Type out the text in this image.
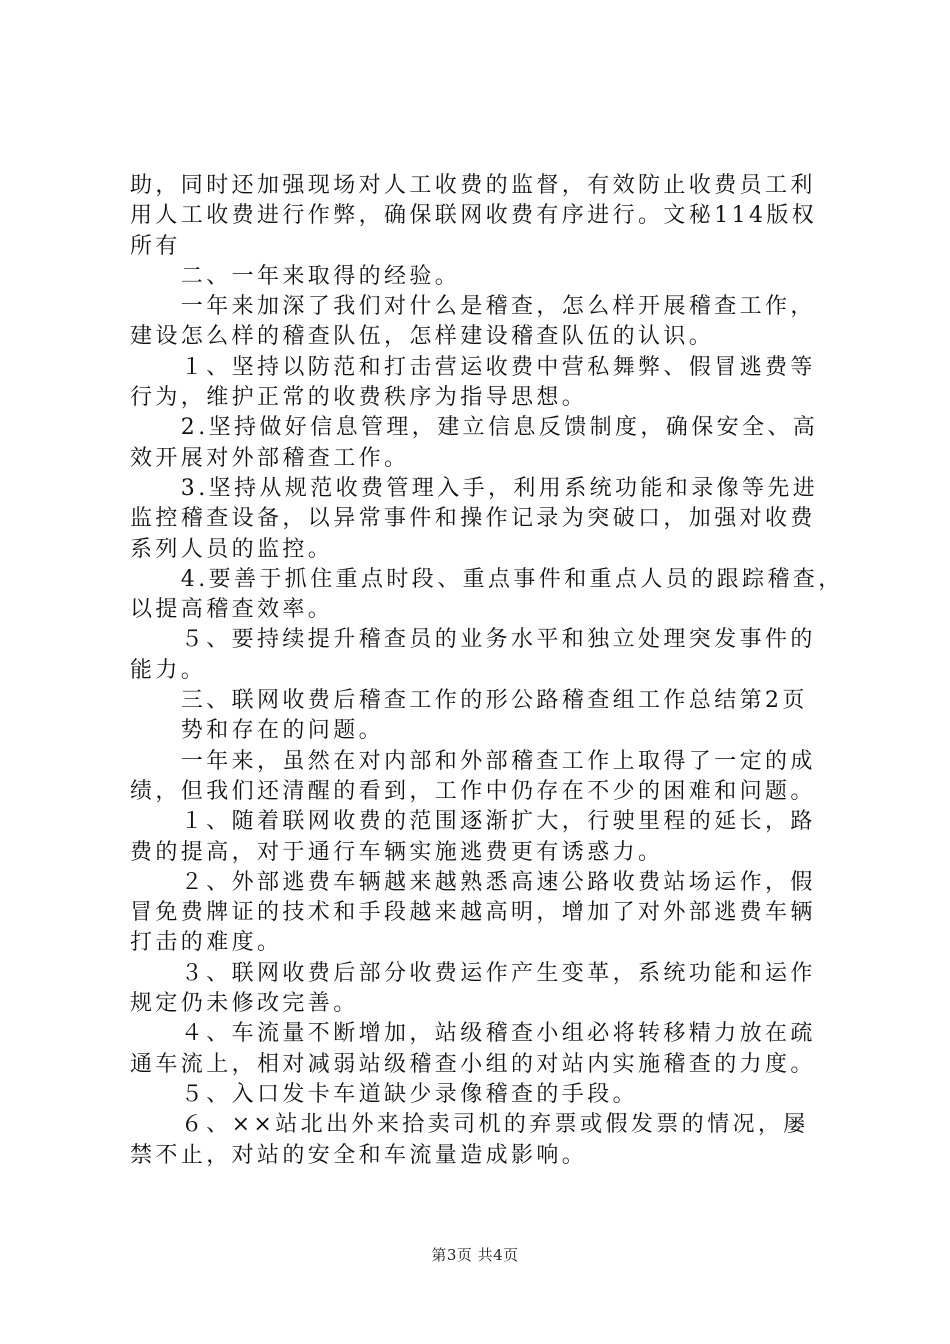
助，同时还加强现场对人工收费的监督，有效防止收费员工利
用人工收费进行作弊，确保联网收费有序进行。文秘114版权
所有
　　二、一年来取得的经验。
　　一年来加深了我们对什么是稽查，怎么样开展稽查工作，
建设怎么样的稽查队伍，怎样建设稽查队伍的认识。
　　１、坚持以防范和打击营运收费中营私舞弊、假冒逃费等
行为，维护正常的收费秩序为指导思想。
　　2.坚持做好信息管理，建立信息反馈制度，确保安全、高
效开展对外部稽查工作。
　　3.坚持从规范收费管理入手，利用系统功能和录像等先进
监控稽查设备，以异常事件和操作记录为突破口，加强对收费
系列人员的监控。
　　4.要善于抓住重点时段、重点事件和重点人员的跟踪稽查，
以提高稽查效率。
　　５、要持续提升稽查员的业务水平和独立处理突发事件的
能力。
　　三、联网收费后稽查工作的形公路稽查组工作总结第2页
　　势和存在的问题。
　　一年来，虽然在对内部和外部稽查工作上取得了一定的成
绩，但我们还清醒的看到，工作中仍存在不少的困难和问题。
　　１、随着联网收费的范围逐渐扩大，行驶里程的延长，路
费的提高，对于通行车辆实施逃费更有诱惑力。
　　２、外部逃费车辆越来越熟悉高速公路收费站场运作，假
冒免费牌证的技术和手段越来越高明，增加了对外部逃费车辆
打击的难度。
　　３、联网收费后部分收费运作产生变革，系统功能和运作
规定仍未修改完善。
　　４、车流量不断增加，站级稽查小组必将转移精力放在疏
通车流上，相对减弱站级稽查小组的对站内实施稽查的力度。
　　５、入口发卡车道缺少录像稽查的手段。
　　６、××站北出外来拾卖司机的弃票或假发票的情况，屡
禁不止，对站的安全和车流量造成影响。
第3页 共4页
